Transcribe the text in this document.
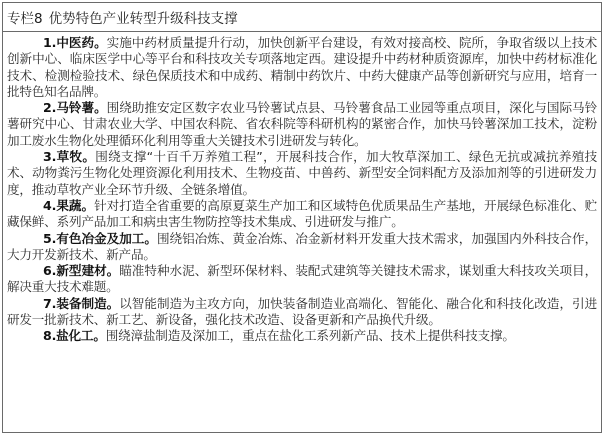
专栏8 优势特色产业转型升级科技支撑

1.中医药。实施中药材质量提升行动，加快创新平台建设，有效对接高校、院所，争取省级以上技术创新中心、临床医学中心等平台和科技攻关专项落地定西。建设提升中药材种质资源库，加快中药材标准化技术、检测检验技术、绿色保质技术和中成药、精制中药饮片、中药大健康产品等创新研究与应用，培育一批特色知名品牌。

2.马铃薯。围绕助推安定区数字农业马铃薯试点县、马铃薯食品工业园等重点项目，深化与国际马铃薯研究中心、甘肃农业大学、中国农科院、省农科院等科研机构的紧密合作，加快马铃薯深加工技术，淀粉加工废水生物化处理循环化利用等重大关键技术引进研发与转化。

3.草牧。围绕支撑“十百千万养殖工程”，开展科技合作，加大牧草深加工、绿色无抗或减抗养殖技术、动物粪污生物化处理资源化利用技术、生物疫苗、中兽药、新型安全饲料配方及添加剂等的引进研发力度，推动草牧产业全环节升级、全链条增值。

4.果蔬。针对打造全省重要的高原夏菜生产加工和区域特色优质果品生产基地，开展绿色标准化、贮藏保鲜、系列产品加工和病虫害生物防控等技术集成、引进研发与推广。

5.有色冶金及加工。围绕铝冶炼、黄金冶炼、冶金新材料开发重大技术需求，加强国内外科技合作，大力开发新技术、新产品。

6.新型建材。瞄准特种水泥、新型环保材料、装配式建筑等关键技术需求，谋划重大科技攻关项目，解决重大技术难题。

7.装备制造。以智能制造为主攻方向，加快装备制造业高端化、智能化、融合化和科技化改造，引进研发一批新技术、新工艺、新设备，强化技术改造、设备更新和产品换代升级。

8.盐化工。围绕漳盐制造及深加工，重点在盐化工系列新产品、技术上提供科技支撑。
